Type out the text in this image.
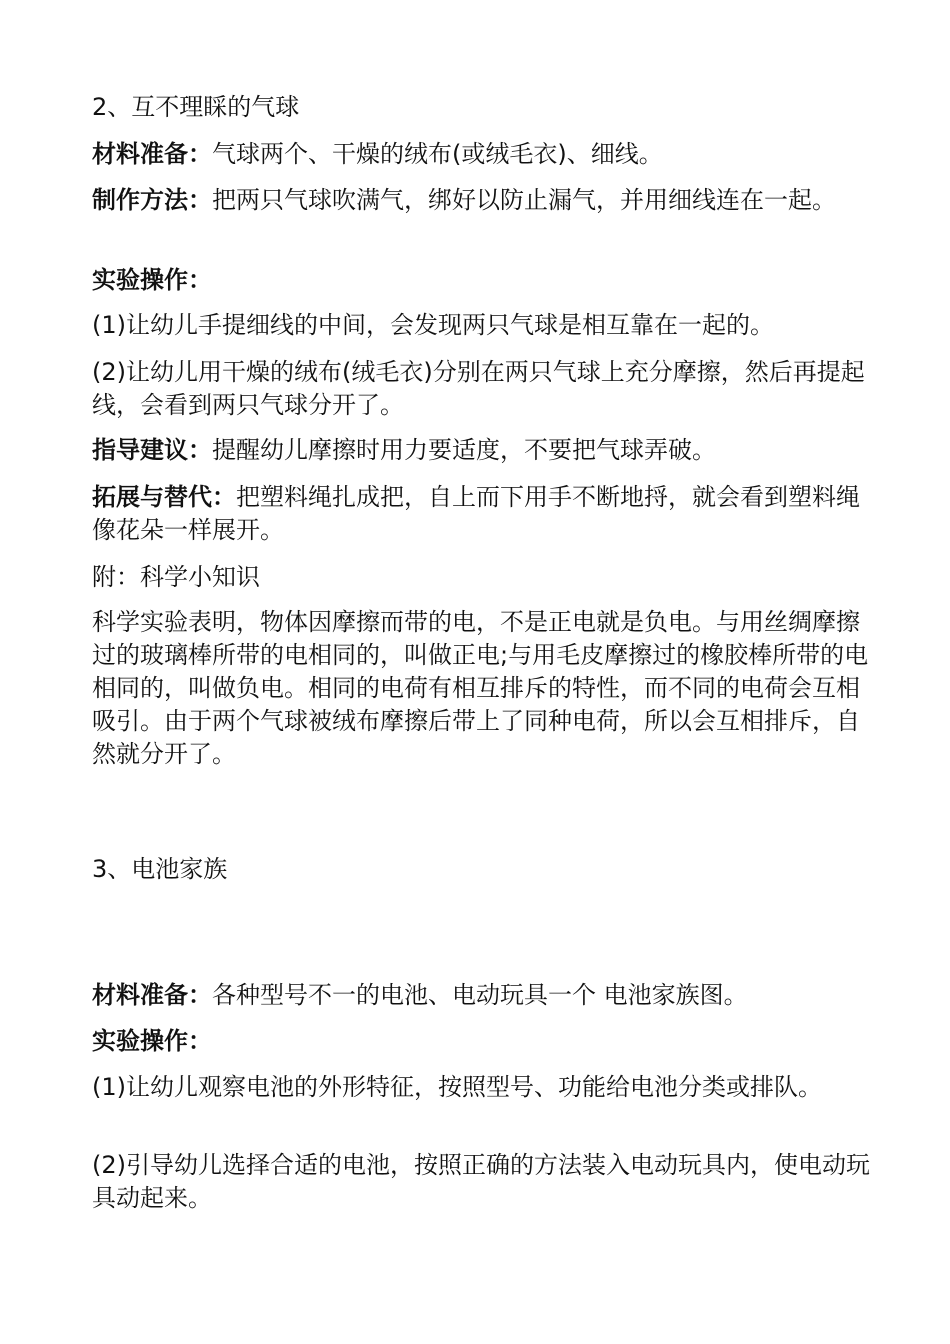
2、互不理睬的气球

材料准备：气球两个、干燥的绒布(或绒毛衣)、细线。

制作方法：把两只气球吹满气，绑好以防止漏气，并用细线连在一起。

实验操作：

(1)让幼儿手提细线的中间，会发现两只气球是相互靠在一起的。

(2)让幼儿用干燥的绒布(绒毛衣)分别在两只气球上充分摩擦，然后再提起线，会看到两只气球分开了。

指导建议：提醒幼儿摩擦时用力要适度，不要把气球弄破。

拓展与替代：把塑料绳扎成把，自上而下用手不断地捋，就会看到塑料绳像花朵一样展开。

附：科学小知识

科学实验表明，物体因摩擦而带的电，不是正电就是负电。与用丝绸摩擦过的玻璃棒所带的电相同的，叫做正电;与用毛皮摩擦过的橡胶棒所带的电相同的，叫做负电。相同的电荷有相互排斥的特性，而不同的电荷会互相吸引。由于两个气球被绒布摩擦后带上了同种电荷，所以会互相排斥，自然就分开了。

3、电池家族

材料准备：各种型号不一的电池、电动玩具一个 电池家族图。

实验操作：

(1)让幼儿观察电池的外形特征，按照型号、功能给电池分类或排队。

(2)引导幼儿选择合适的电池，按照正确的方法装入电动玩具内，使电动玩具动起来。
